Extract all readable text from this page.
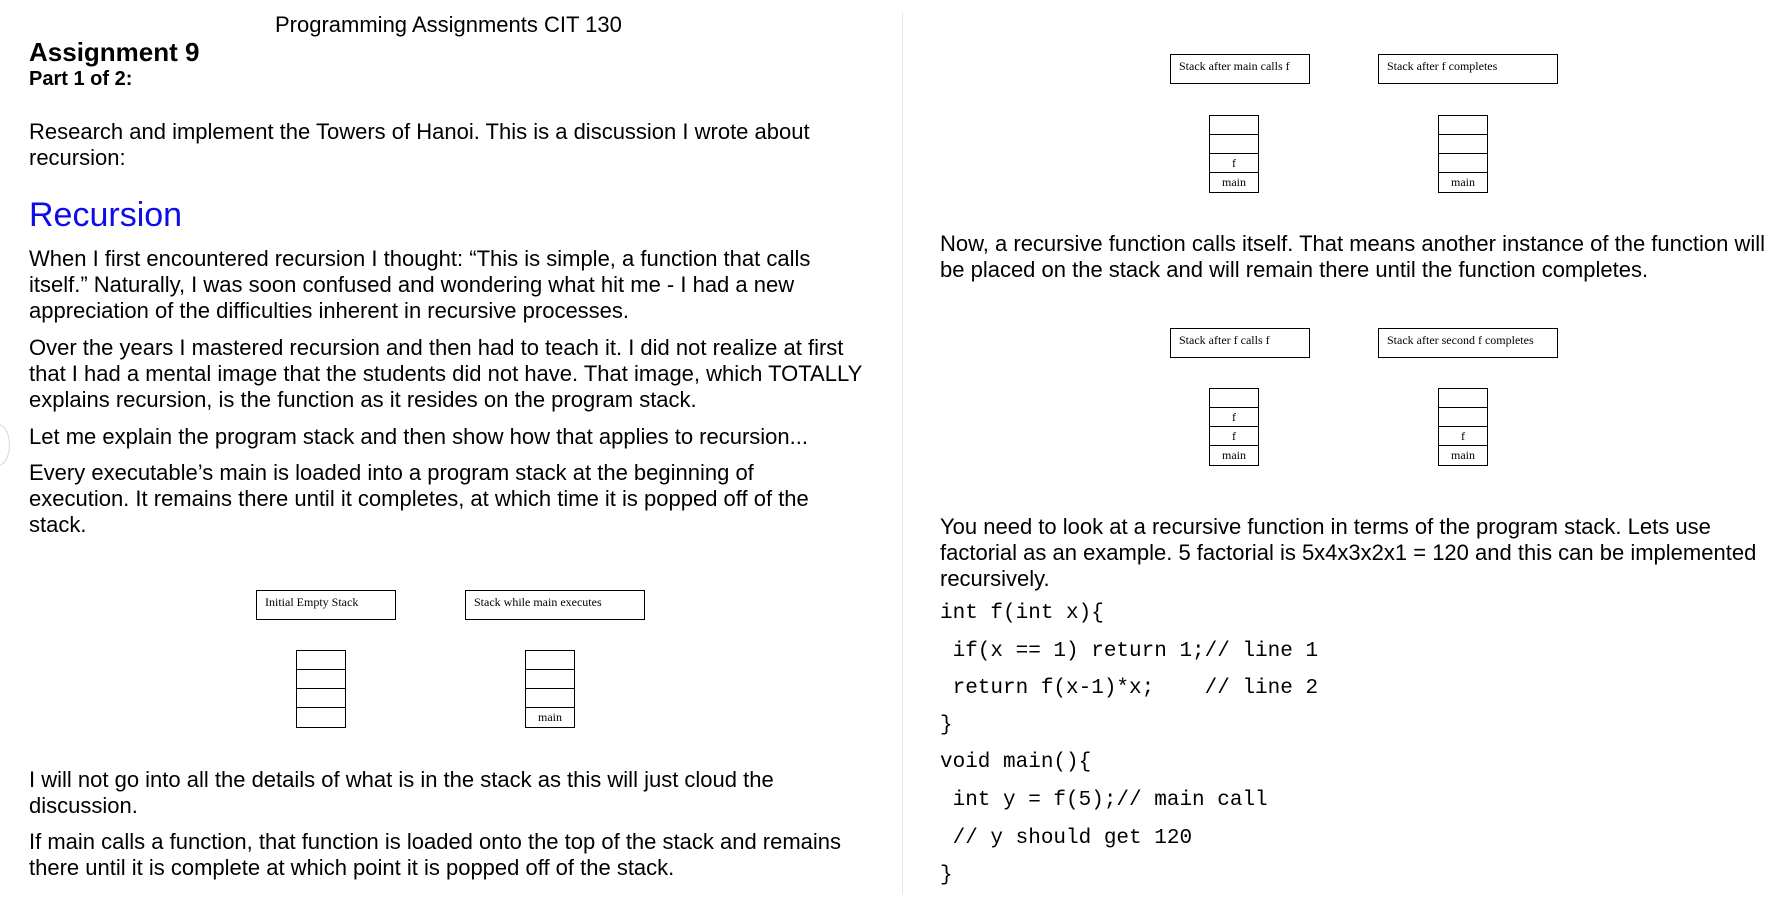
Programming Assignments CIT 130
Assignment 9
Part 1 of 2:
Research and implement the Towers of Hanoi. This is a discussion I wrote about recursion:
Recursion
When I first encountered recursion I thought: “This is simple, a function that calls itself.” Naturally, I was soon confused and wondering what hit me - I had a new appreciation of the difficulties inherent in recursive processes.
Over the years I mastered recursion and then had to teach it. I did not realize at first that I had a mental image that the students did not have. That image, which TOTALLY explains recursion, is the function as it resides on the program stack.
Let me explain the program stack and then show how that applies to recursion...
Every executable’s main is loaded into a program stack at the beginning of execution. It remains there until it completes, at which time it is popped off of the stack.
Initial Empty Stack	Stack while main executes
main
I will not go into all the details of what is in the stack as this will just cloud the discussion.
If main calls a function, that function is loaded onto the top of the stack and remains there until it is complete at which point it is popped off of the stack.
Stack after main calls f
f
main
Stack after f completes
main
Now, a recursive function calls itself. That means another instance of the function will be placed on the stack and will remain there until the function completes.
Stack after f calls f
f
f
main
Stack after second f completes
f
main
You need to look at a recursive function in terms of the program stack. Lets use factorial as an example. 5 factorial is 5x4x3x2x1 = 120 and this can be implemented recursively.
int f(int x){
if(x == 1) return 1;// line 1
return f(x-1)*x;    // line 2
}
void main(){
int y = f(5);// main call
// y should get 120
}
